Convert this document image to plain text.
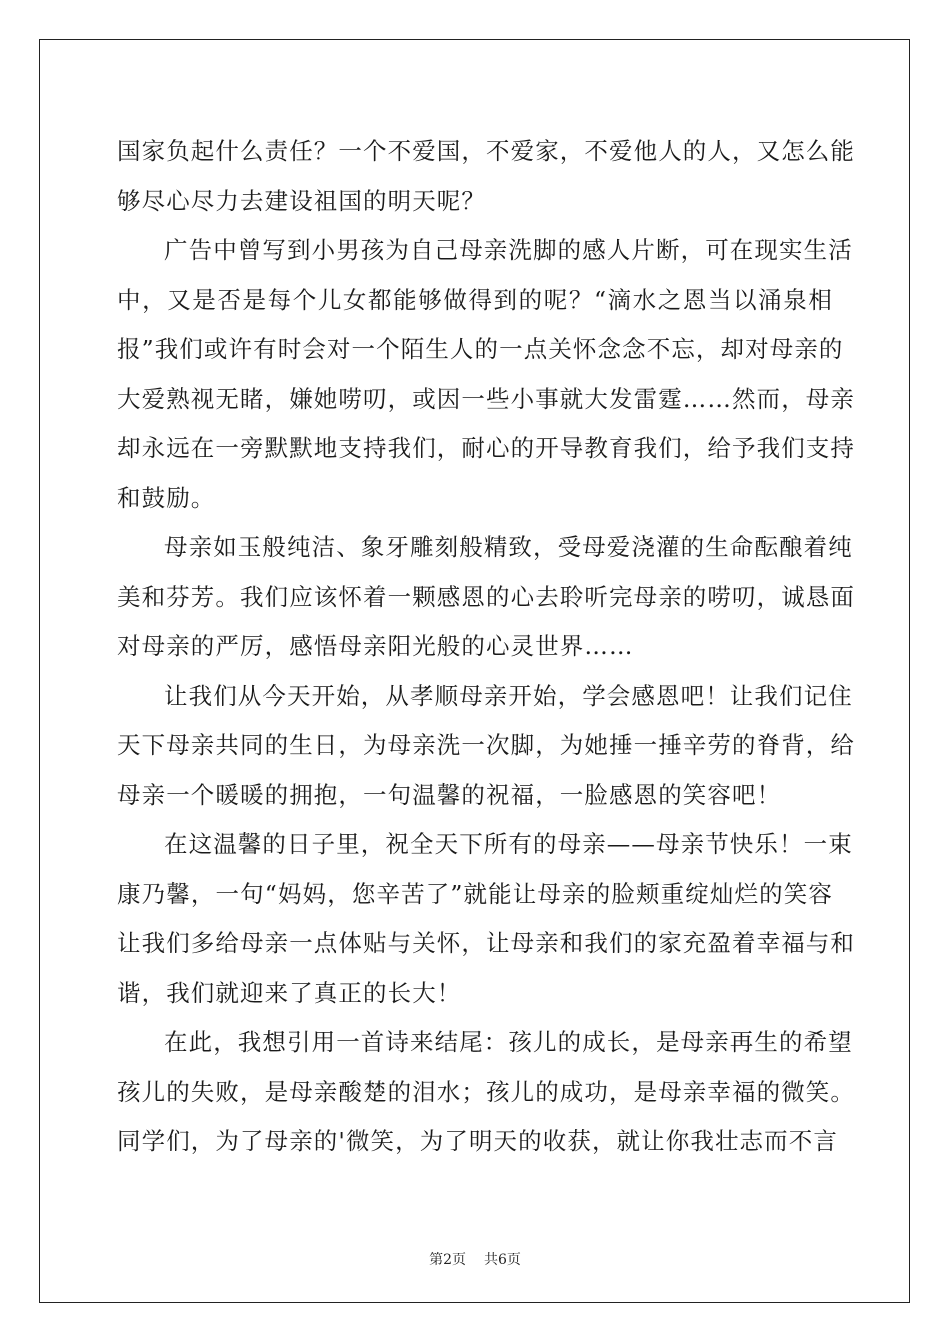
国家负起什么责任？一个不爱国，不爱家，不爱他人的人，又怎么能
够尽心尽力去建设祖国的明天呢？
广告中曾写到小男孩为自己母亲洗脚的感人片断，可在现实生活
中，又是否是每个儿女都能够做得到的呢？“滴水之恩当以涌泉相
报”我们或许有时会对一个陌生人的一点关怀念念不忘，却对母亲的
大爱熟视无睹，嫌她唠叨，或因一些小事就大发雷霆……然而，母亲
却永远在一旁默默地支持我们，耐心的开导教育我们，给予我们支持
和鼓励。
母亲如玉般纯洁、象牙雕刻般精致，受母爱浇灌的生命酝酿着纯
美和芬芳。我们应该怀着一颗感恩的心去聆听完母亲的唠叨，诚恳面
对母亲的严厉，感悟母亲阳光般的心灵世界……
让我们从今天开始，从孝顺母亲开始，学会感恩吧！让我们记住
天下母亲共同的生日，为母亲洗一次脚，为她捶一捶辛劳的脊背，给
母亲一个暖暖的拥抱，一句温馨的祝福，一脸感恩的笑容吧！
在这温馨的日子里，祝全天下所有的母亲——母亲节快乐！一束
康乃馨，一句“妈妈，您辛苦了”就能让母亲的脸颊重绽灿烂的笑容
让我们多给母亲一点体贴与关怀，让母亲和我们的家充盈着幸福与和
谐，我们就迎来了真正的长大！
在此，我想引用一首诗来结尾：孩儿的成长，是母亲再生的希望
孩儿的失败，是母亲酸楚的泪水；孩儿的成功，是母亲幸福的微笑。
同学们，为了母亲的'微笑，为了明天的收获，就让你我壮志而不言
第2页 共6页
